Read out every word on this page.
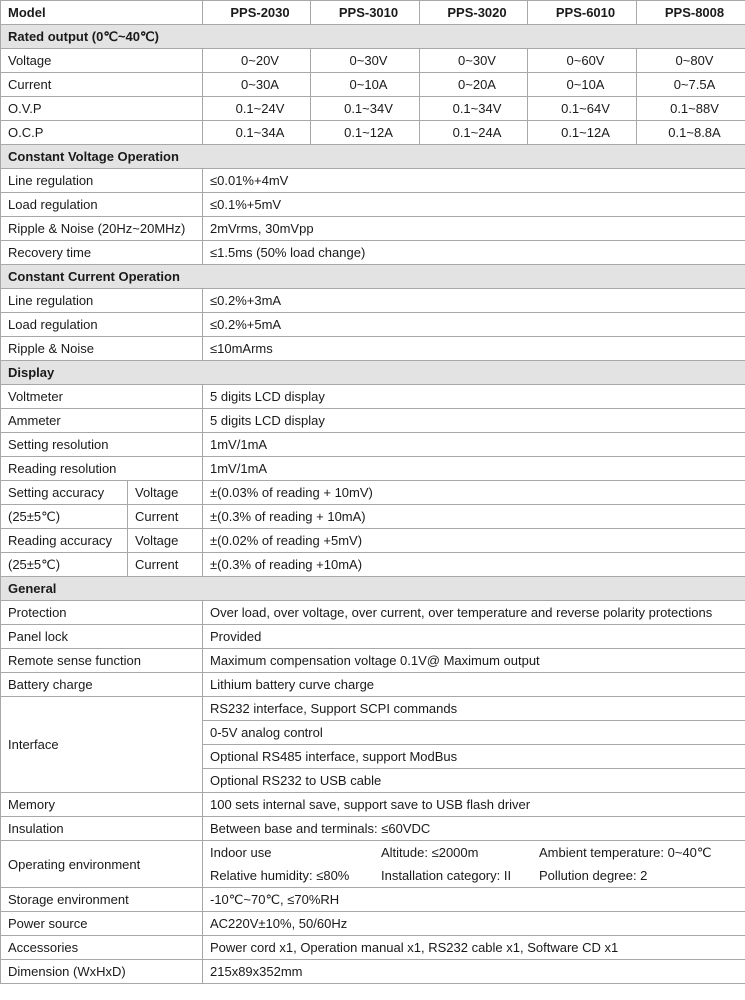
Model		PPS-2030	PPS-3010	PPS-3020	PPS-6010	PPS-8008
Rated output (0℃~40℃)						
Voltage		0~20V	0~30V	0~30V	0~60V	0~80V
Current		0~30A	0~10A	0~20A	0~10A	0~7.5A
O.V.P		0.1~24V	0.1~34V	0.1~34V	0.1~64V	0.1~88V
O.C.P		0.1~34A	0.1~12A	0.1~24A	0.1~12A	0.1~8.8A
Constant Voltage Operation						
Line regulation		≤0.01%+4mV				
Load regulation		≤0.1%+5mV				
Ripple & Noise (20Hz~20MHz)		2mVrms, 30mVpp				
Recovery time		≤1.5ms (50% load change)				
Constant Current Operation						
Line regulation		≤0.2%+3mA				
Load regulation		≤0.2%+5mA				
Ripple & Noise		≤10mArms				
Display						
Voltmeter		5 digits LCD display				
Ammeter		5 digits LCD display				
Setting resolution		1mV/1mA				
Reading resolution		1mV/1mA				
Setting accuracy	Voltage	±(0.03% of reading + 10mV)				
(25±5℃)	Current	±(0.3% of reading + 10mA)				
Reading accuracy	Voltage	±(0.02% of reading +5mV)				
(25±5℃)	Current	±(0.3% of reading +10mA)				
General						
Protection		Over load, over voltage, over current, over temperature and reverse polarity protections				
Panel lock		Provided				
Remote sense function		Maximum compensation voltage 0.1V@ Maximum output				
Battery charge		Lithium battery curve charge				
Interface		RS232 interface, Support SCPI commands				
		0-5V analog control				
		Optional RS485 interface, support ModBus				
		Optional RS232 to USB cable				
Memory		100 sets internal save, support save to USB flash driver				
Insulation		Between base and terminals: ≤60VDC				
Operating environment		Indoor use Altitude: ≤2000m Ambient temperature: 0~40℃				

		Relative humidity: ≤80% Installation category: II Pollution degree: 2				

Storage environment		-10℃~70℃, ≤70%RH				
Power source		AC220V±10%, 50/60Hz				
Accessories		Power cord x1, Operation manual x1, RS232 cable x1, Software CD x1				
Dimension (WxHxD)		215x89x352mm				
